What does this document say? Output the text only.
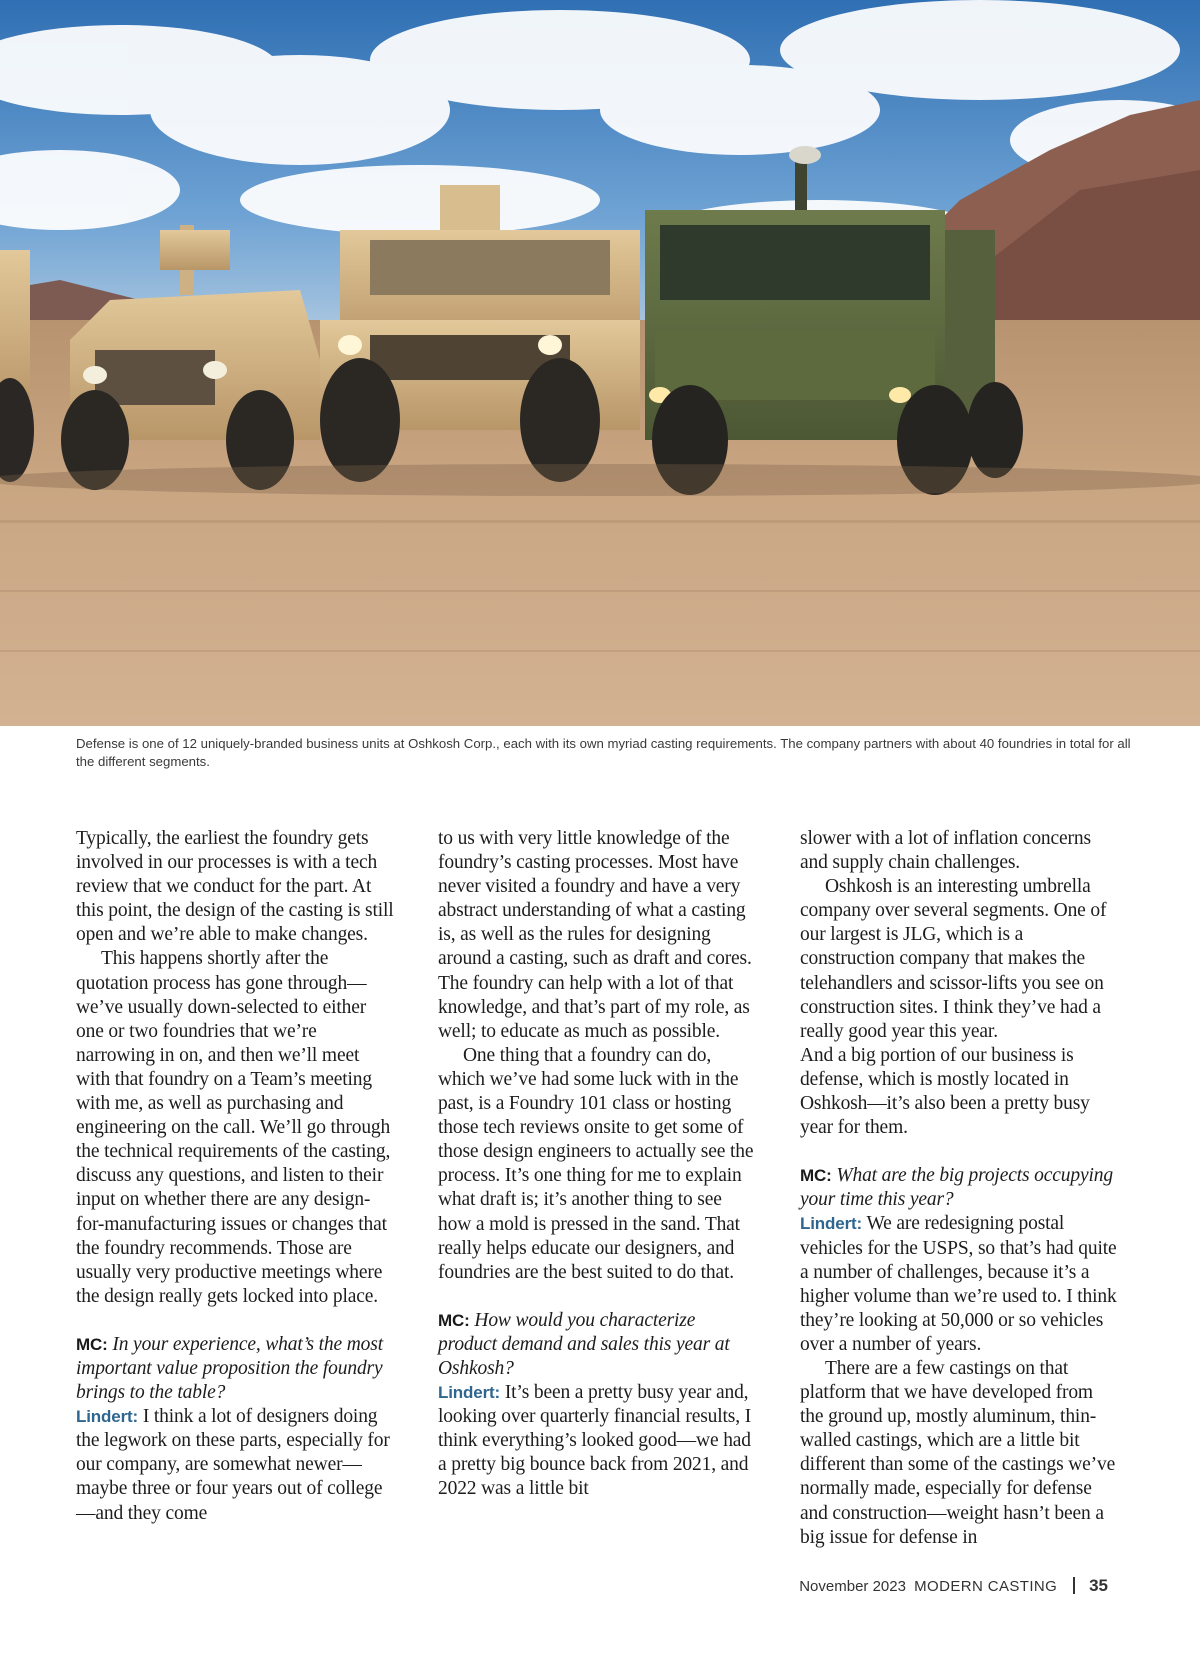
Defense is one of 12 uniquely-branded business units at Oshkosh Corp., each with its own myriad casting requirements. The company partners with about 40 foundries in total for all the different segments.

Typically, the earliest the foundry gets involved in our processes is with a tech review that we conduct for the part. At this point, the design of the casting is still open and we’re able to make changes.

This happens shortly after the quotation process has gone through—we’ve usually down-selected to either one or two foundries that we’re narrowing in on, and then we’ll meet with that foundry on a Team’s meeting with me, as well as purchasing and engineering on the call. We’ll go through the technical requirements of the casting, discuss any questions, and listen to their input on whether there are any design-for-manufacturing issues or changes that the foundry recommends. Those are usually very productive meetings where the design really gets locked into place.

MC: In your experience, what’s the most important value proposition the foundry brings to the table?

Lindert: I think a lot of designers doing the legwork on these parts, especially for our company, are somewhat newer—maybe three or four years out of college—and they come

to us with very little knowledge of the foundry’s casting processes. Most have never visited a foundry and have a very abstract understanding of what a casting is, as well as the rules for designing around a casting, such as draft and cores. The foundry can help with a lot of that knowledge, and that’s part of my role, as well; to educate as much as possible.

One thing that a foundry can do, which we’ve had some luck with in the past, is a Foundry 101 class or hosting those tech reviews onsite to get some of those design engineers to actually see the process. It’s one thing for me to explain what draft is; it’s another thing to see how a mold is pressed in the sand. That really helps educate our designers, and foundries are the best suited to do that.

MC: How would you characterize product demand and sales this year at Oshkosh?

Lindert: It’s been a pretty busy year and, looking over quarterly financial results, I think everything’s looked good—we had a pretty big bounce back from 2021, and 2022 was a little bit

slower with a lot of inflation concerns and supply chain challenges.

Oshkosh is an interesting umbrella company over several segments. One of our largest is JLG, which is a construction company that makes the telehandlers and scissor-lifts you see on construction sites. I think they’ve had a really good year this year.

And a big portion of our business is defense, which is mostly located in Oshkosh—it’s also been a pretty busy year for them.

MC: What are the big projects occupying your time this year?

Lindert: We are redesigning postal vehicles for the USPS, so that’s had quite a number of challenges, because it’s a higher volume than we’re used to. I think they’re looking at 50,000 or so vehicles over a number of years.

There are a few castings on that platform that we have developed from the ground up, mostly aluminum, thin-walled castings, which are a little bit different than some of the castings we’ve normally made, especially for defense and construction—weight hasn’t been a big issue for defense in

November 2023 MODERN CASTING 35
